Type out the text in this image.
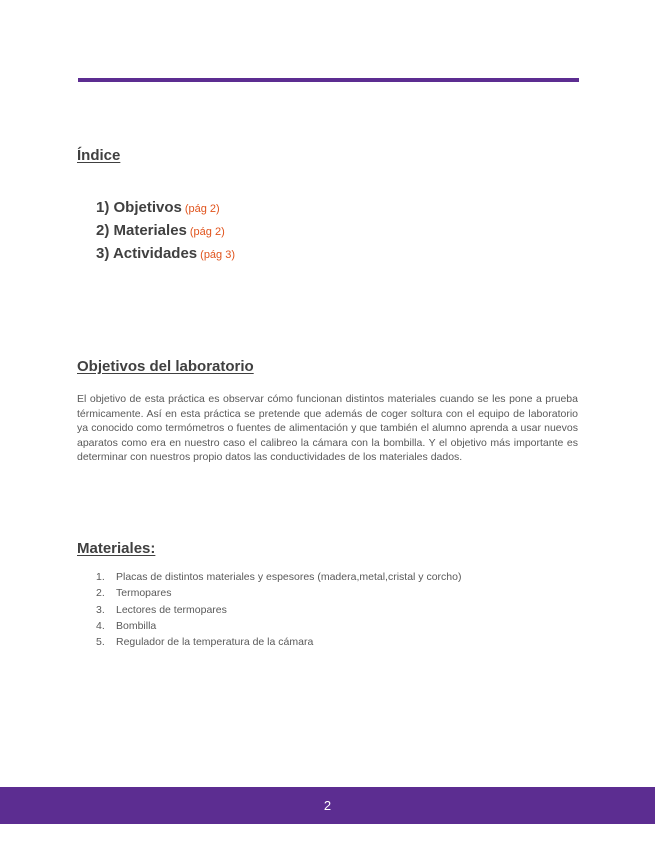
Índice
1) Objetivos (pág 2)
2) Materiales (pág 2)
3) Actividades (pág 3)
Objetivos del laboratorio

El objetivo de esta práctica es observar cómo funcionan distintos materiales cuando se les pone a prueba térmicamente. Así en esta práctica se pretende que además de coger soltura con el equipo de laboratorio ya conocido como termómetros o fuentes de alimentación y que también el alumno aprenda a usar nuevos aparatos como era en nuestro caso el calibreo la cámara con la bombilla. Y el objetivo más importante es determinar con nuestros propio datos las conductividades de los materiales dados.

Materiales:
1. Placas de distintos materiales y espesores (madera,metal,cristal y corcho)
2. Termopares
3. Lectores de termopares
4. Bombilla
5. Regulador de la temperatura de la cámara
2
